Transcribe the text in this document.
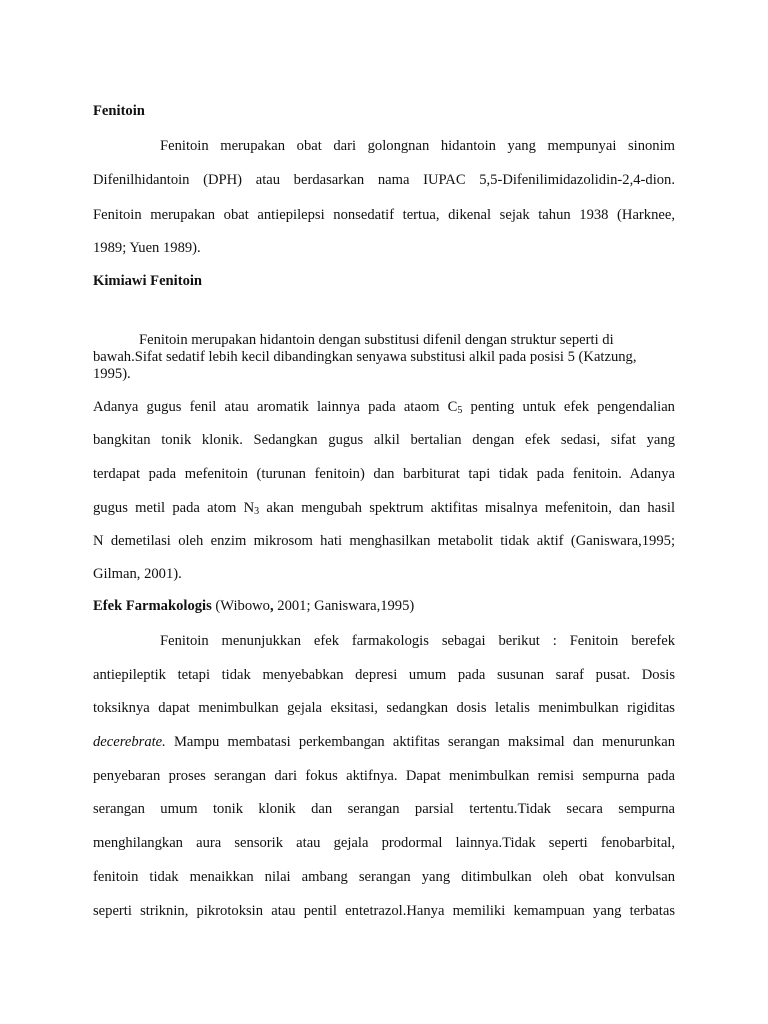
Fenitoin
Fenitoin merupakan obat dari golongnan hidantoin yang mempunyai sinonim
Difenilhidantoin (DPH) atau berdasarkan nama IUPAC 5,5-Difenilimidazolidin-2,4-dion.
Fenitoin merupakan obat antiepilepsi nonsedatif tertua, dikenal sejak tahun 1938 (Harknee,
1989; Yuen 1989).
Kimiawi Fenitoin
Fenitoin merupakan hidantoin dengan substitusi difenil dengan struktur seperti di
bawah.Sifat sedatif lebih kecil dibandingkan senyawa substitusi alkil pada posisi 5 (Katzung,
1995).
Adanya gugus fenil atau aromatik lainnya pada ataom $C_5$ penting untuk efek pengendalian
bangkitan tonik klonik. Sedangkan gugus alkil bertalian dengan efek sedasi, sifat yang
terdapat pada mefenitoin (turunan fenitoin) dan barbiturat tapi tidak pada fenitoin. Adanya
gugus metil pada atom $N_3$ akan mengubah spektrum aktifitas misalnya mefenitoin, dan hasil
N demetilasi oleh enzim mikrosom hati menghasilkan metabolit tidak aktif (Ganiswara,1995;
Gilman, 2001).
Efek Farmakologis (Wibowo, 2001; Ganiswara,1995)
Fenitoin menunjukkan efek farmakologis sebagai berikut : Fenitoin berefek
antiepileptik tetapi tidak menyebabkan depresi umum pada susunan saraf pusat. Dosis
toksiknya dapat menimbulkan gejala eksitasi, sedangkan dosis letalis menimbulkan rigiditas
decerebrate. Mampu membatasi perkembangan aktifitas serangan maksimal dan menurunkan
penyebaran proses serangan dari fokus aktifnya. Dapat menimbulkan remisi sempurna pada
serangan umum tonik klonik dan serangan parsial tertentu.Tidak secara sempurna
menghilangkan aura sensorik atau gejala prodormal lainnya.Tidak seperti fenobarbital,
fenitoin tidak menaikkan nilai ambang serangan yang ditimbulkan oleh obat konvulsan
seperti striknin, pikrotoksin atau pentil entetrazol.Hanya memiliki kemampuan yang terbatas
